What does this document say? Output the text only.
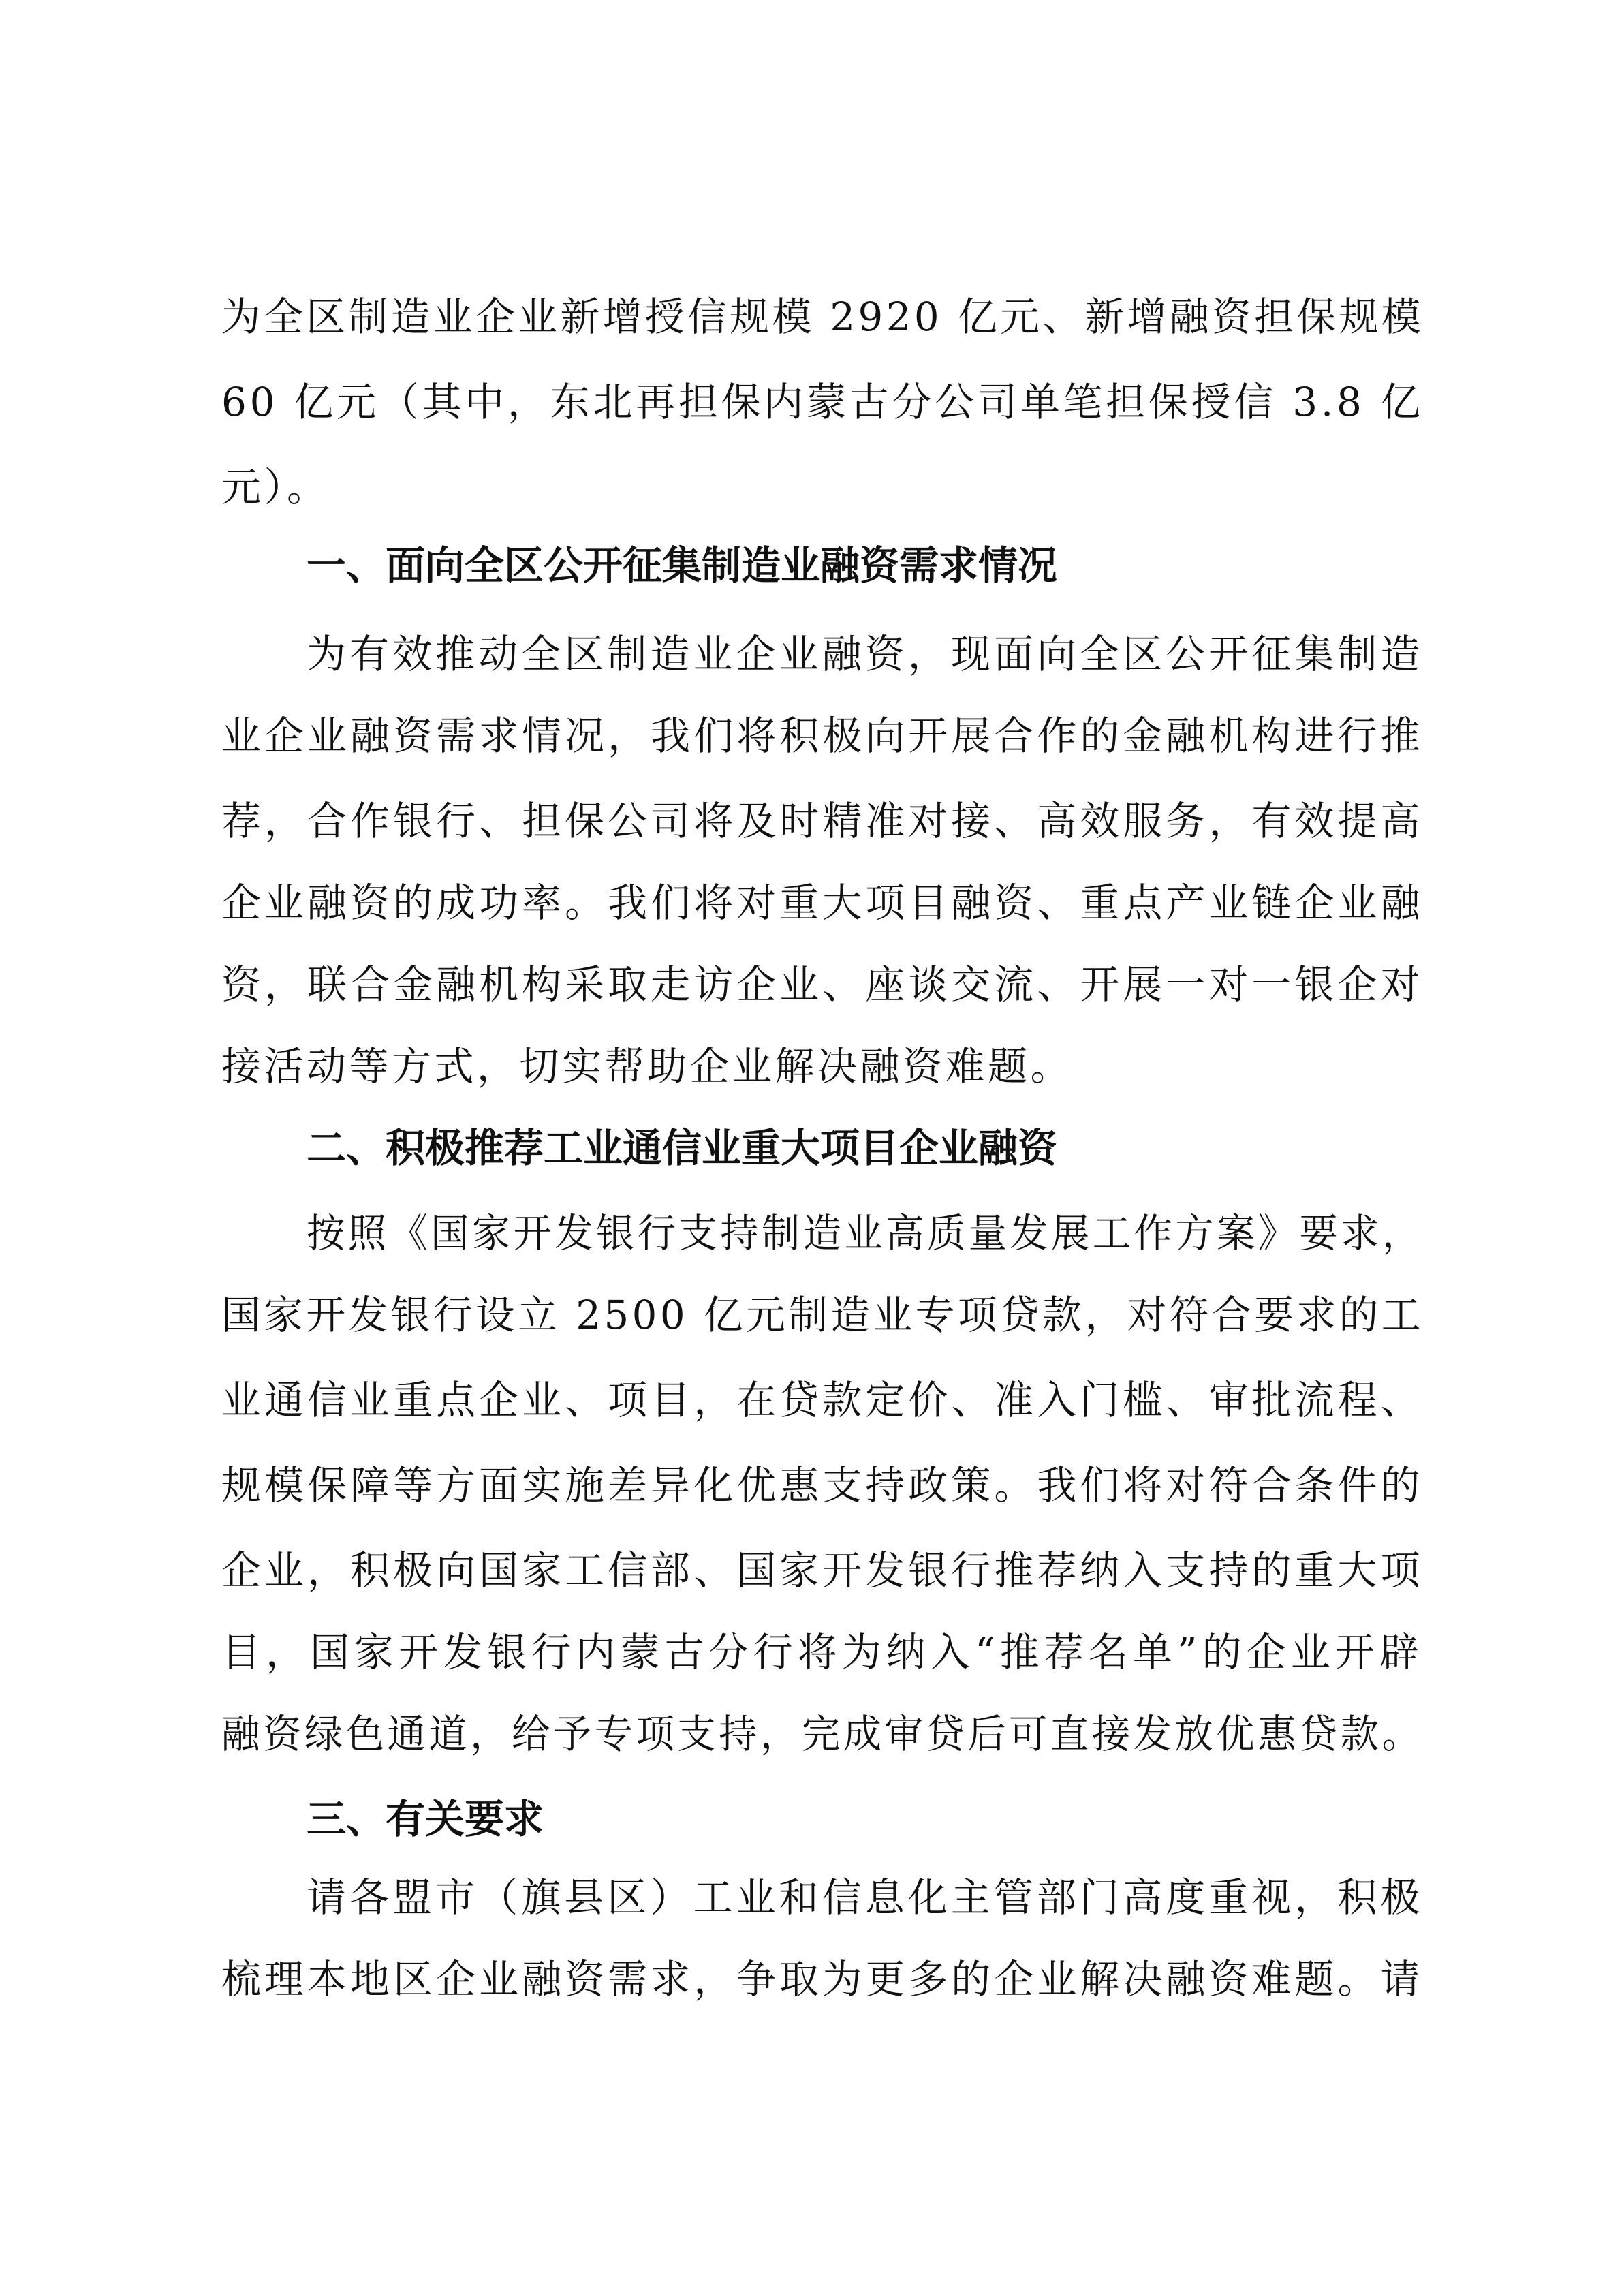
为全区制造业企业新增授信规模 2920 亿元、新增融资担保规模

60 亿元（其中，东北再担保内蒙古分公司单笔担保授信 3.8 亿

元）。

一、面向全区公开征集制造业融资需求情况

为有效推动全区制造业企业融资，现面向全区公开征集制造

业企业融资需求情况，我们将积极向开展合作的金融机构进行推

荐，合作银行、担保公司将及时精准对接、高效服务，有效提高

企业融资的成功率。我们将对重大项目融资、重点产业链企业融

资，联合金融机构采取走访企业、座谈交流、开展一对一银企对

接活动等方式，切实帮助企业解决融资难题。

二、积极推荐工业通信业重大项目企业融资

按照《国家开发银行支持制造业高质量发展工作方案》要求，

国家开发银行设立 2500 亿元制造业专项贷款，对符合要求的工

业通信业重点企业、项目，在贷款定价、准入门槛、审批流程、

规模保障等方面实施差异化优惠支持政策。我们将对符合条件的

企业，积极向国家工信部、国家开发银行推荐纳入支持的重大项

目，国家开发银行内蒙古分行将为纳入“推荐名单”的企业开辟

融资绿色通道，给予专项支持，完成审贷后可直接发放优惠贷款。

三、有关要求

请各盟市（旗县区）工业和信息化主管部门高度重视，积极

梳理本地区企业融资需求，争取为更多的企业解决融资难题。请
